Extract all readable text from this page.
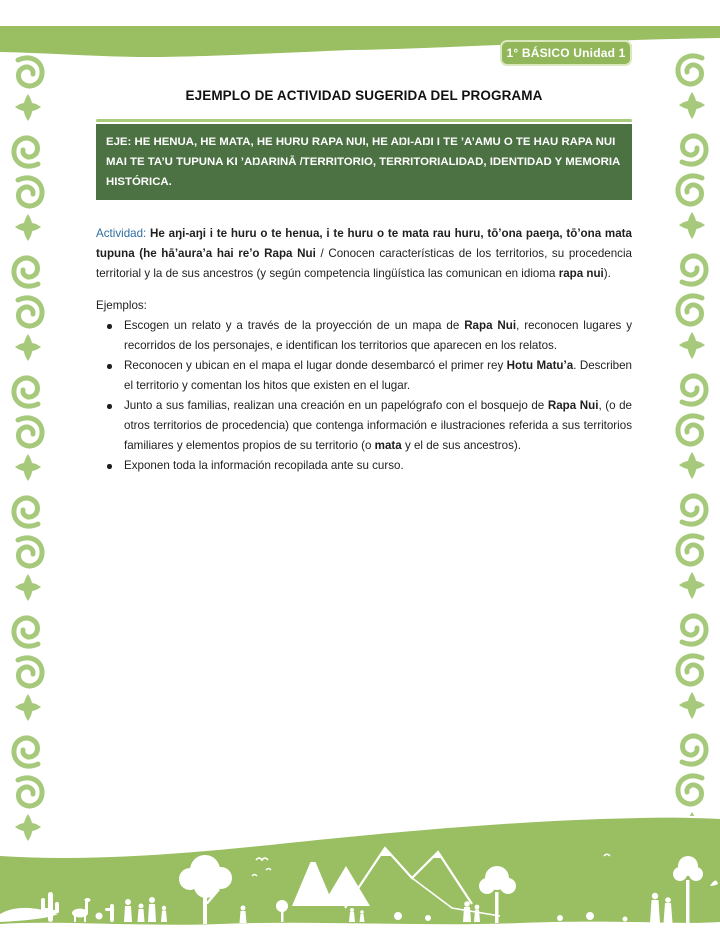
1° BÁSICO Unidad 1
EJEMPLO DE ACTIVIDAD SUGERIDA DEL PROGRAMA
EJE: HE HENUA, HE MATA, HE HURU RAPA NUI, HE AŊI-AŊI I TE ’A’AMU O TE HAU RAPA NUI MAI TE TA’U TUPUNA KI ’AŊARINĀ /TERRITORIO, TERRITORIALIDAD, IDENTIDAD Y MEMORIA HISTÓRICA.

Actividad: He aŋi-aŋi i te huru o te henua, i te huru o te mata rau huru, tō’ona paeŋa, tō’ona mata tupuna (he hā’aura’a hai re’o Rapa Nui / Conocen características de los territorios, su procedencia territorial y la de sus ancestros (y según competencia lingüística las comunican en idioma rapa nui).

Ejemplos:

Escogen un relato y a través de la proyección de un mapa de Rapa Nui, reconocen lugares y recorridos de los personajes, e identifican los territorios que aparecen en los relatos.
Reconocen y ubican en el mapa el lugar donde desembarcó el primer rey Hotu Matu’a. Describen el territorio y comentan los hitos que existen en el lugar.
Junto a sus familias, realizan una creación en un papelógrafo con el bosquejo de Rapa Nui, (o de otros territorios de procedencia) que contenga información e ilustraciones referida a sus territorios familiares y elementos propios de su territorio (o mata y el de sus ancestros).
Exponen toda la información recopilada ante su curso.
